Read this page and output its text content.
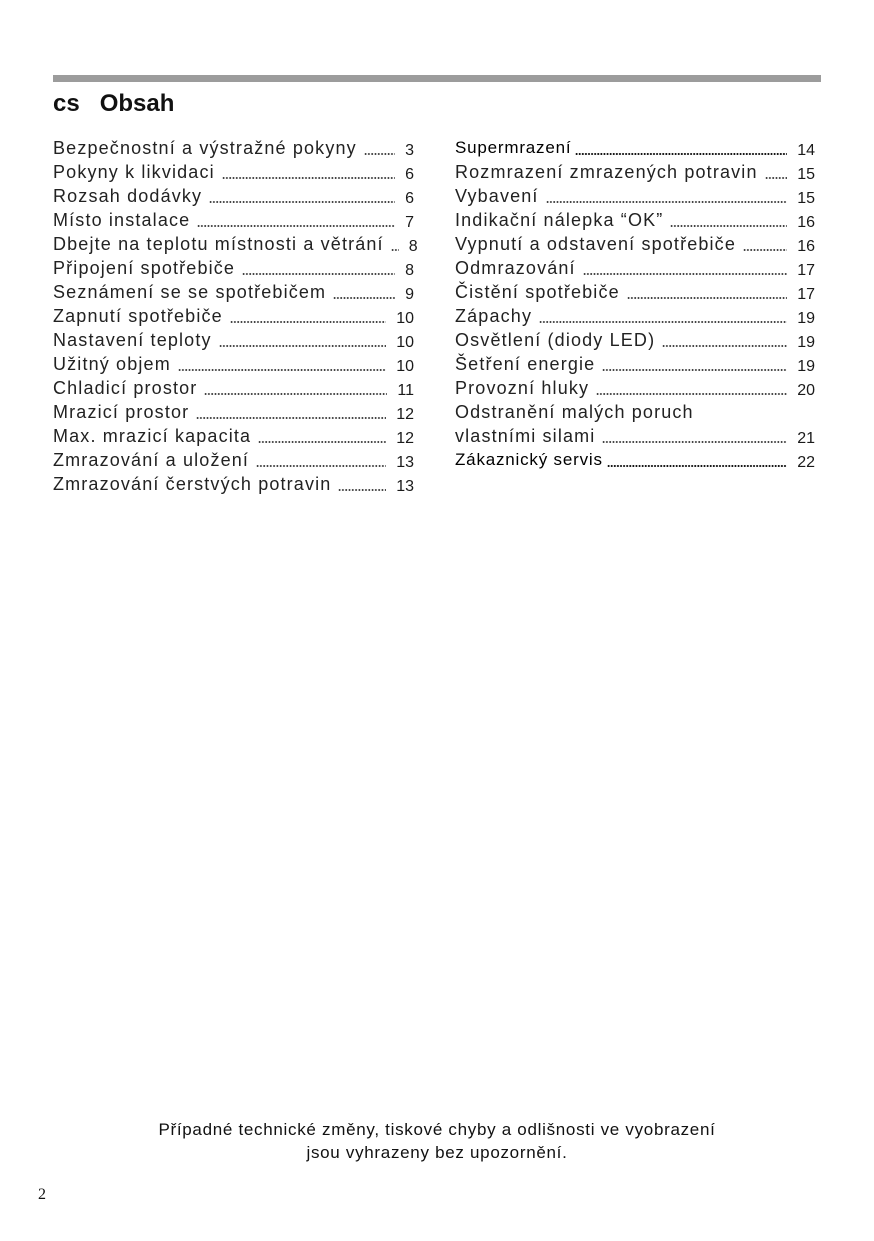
cs Obsah
Bezpečnostní a výstražné pokyny	3
Pokyny k likvidaci	6
Rozsah dodávky	6
Místo instalace	7
Dbejte na teplotu místnosti a větrání 8
Připojení spotřebiče	8
Seznámení se se spotřebičem	9
Zapnutí spotřebiče	10
Nastavení teploty	10
Užitný objem	10
Chladicí prostor	11
Mrazicí prostor	12
Max. mrazicí kapacita	12
Zmrazování a uložení	13
Zmrazování čerstvých potravin	13
Supermrazení	14
Rozmrazení zmrazených potravin 15
Vybavení	15
Indikační nálepka “OK”	16
Vypnutí a odstavení spotřebiče	16
Odmrazování	17
Čistění spotřebiče	17
Zápachy	19
Osvětlení (diody LED)	19
Šetření energie	19
Provozní hluky	20
Odstranění malých poruch
vlastními silami	21
Zákaznický servis	22
Případné technické změny, tiskové chyby a odlišnosti ve vyobrazení
jsou vyhrazeny bez upozornění.
2
